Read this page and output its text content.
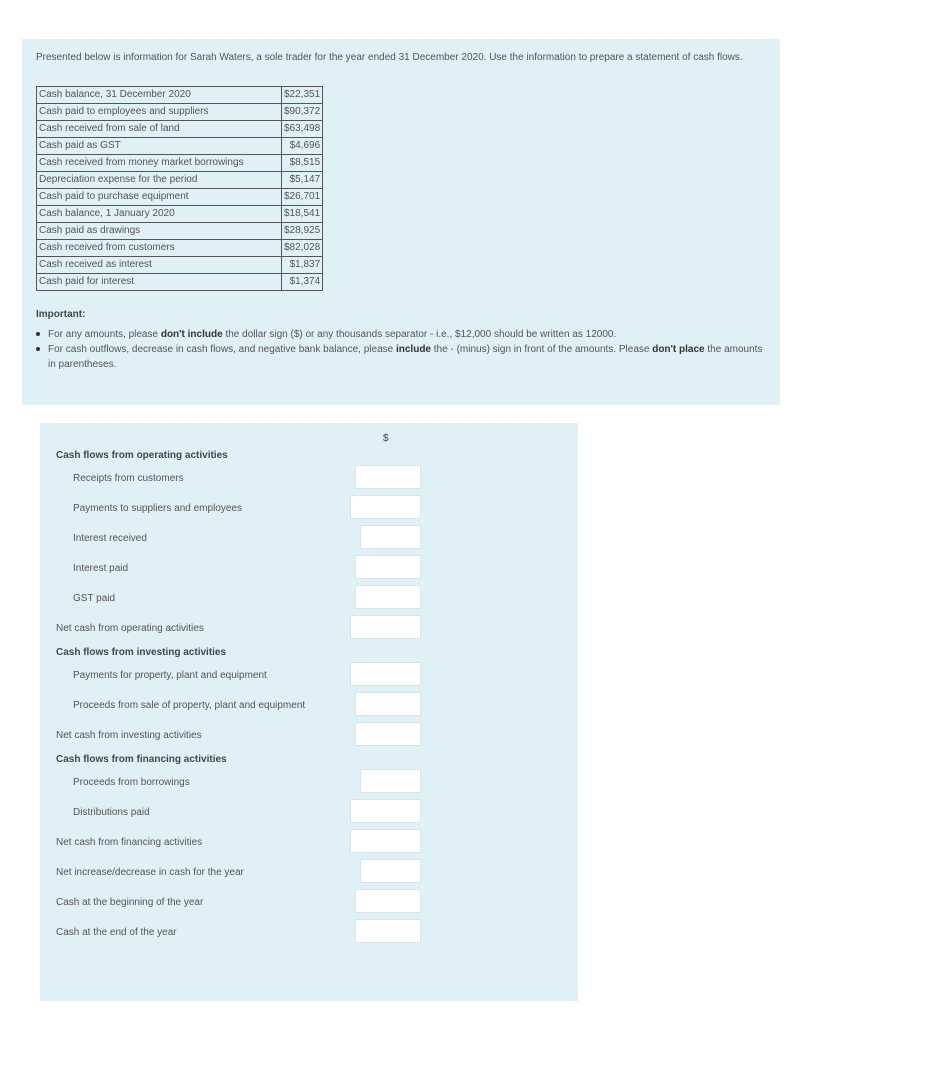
Presented below is information for Sarah Waters, a sole trader for the year ended 31 December 2020. Use the information to prepare a statement of cash flows.
Cash balance, 31 December 2020	$22,351
Cash paid to employees and suppliers	$90,372
Cash received from sale of land	$63,498
Cash paid as GST	$4,696
Cash received from money market borrowings	$8,515
Depreciation expense for the period	$5,147
Cash paid to purchase equipment	$26,701
Cash balance, 1 January 2020	$18,541
Cash paid as drawings	$28,925
Cash received from customers	$82,028
Cash received as interest	$1,837
Cash paid for interest	$1,374
Important:
For any amounts, please don't include the dollar sign ($) or any thousands separator - i.e., $12,000 should be written as 12000.
For cash outflows, decrease in cash flows, and negative bank balance, please include the - (minus) sign in front of the amounts. Please don't place the amounts in parentheses.
$
Cash flows from operating activities
Receipts from customers
Payments to suppliers and employees
Interest received
Interest paid
GST paid
Net cash from operating activities
Cash flows from investing activities
Payments for property, plant and equipment
Proceeds from sale of property, plant and equipment
Net cash from investing activities
Cash flows from financing activities
Proceeds from borrowings
Distributions paid
Net cash from financing activities
Net increase/decrease in cash for the year
Cash at the beginning of the year
Cash at the end of the year
